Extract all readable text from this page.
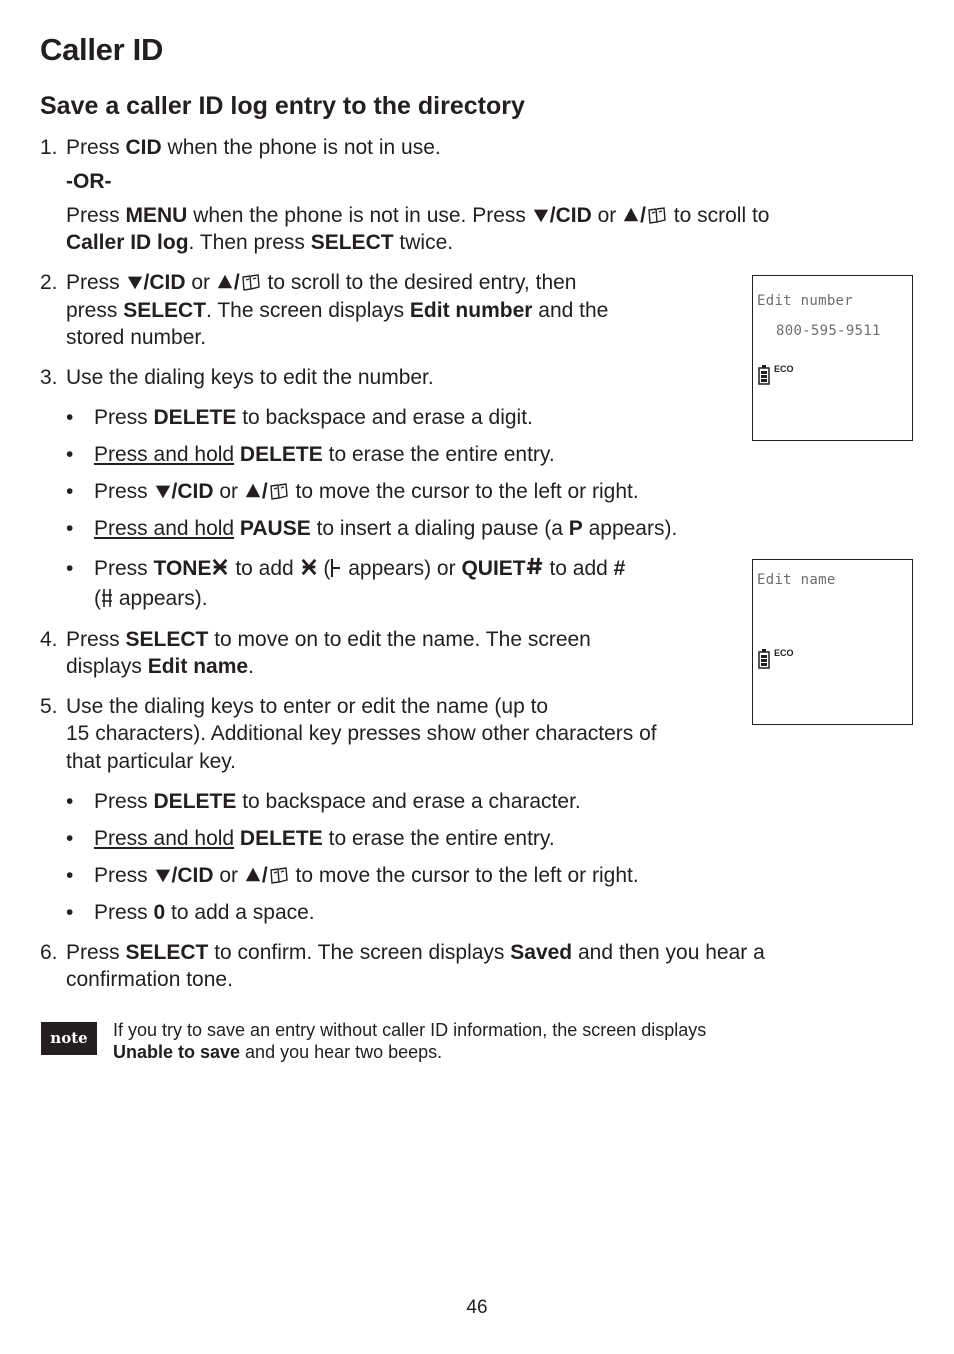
Caller ID
Save a caller ID log entry to the directory
1. Press CID when the phone is not in use.
-OR-
Press MENU when the phone is not in use. Press /CID or / to scroll to
Caller ID log. Then press SELECT twice.
2. Press /CID or / to scroll to the desired entry, then
press SELECT. The screen displays Edit number and the
stored number.
3. Use the dialing keys to edit the number.
• Press DELETE to backspace and erase a digit.
• Press and hold DELETE to erase the entire entry.
• Press /CID or / to move the cursor to the left or right.
• Press and hold PAUSE to insert a dialing pause (a P appears).
• Press TONE to add  ( appears) or QUIET to add #
( appears).
4. Press SELECT to move on to edit the name. The screen
displays Edit name.
5. Use the dialing keys to enter or edit the name (up to
15 characters). Additional key presses show other characters of
that particular key.
• Press DELETE to backspace and erase a character.
• Press and hold DELETE to erase the entire entry.
• Press /CID or / to move the cursor to the left or right.
• Press 0 to add a space.
6. Press SELECT to confirm. The screen displays Saved and then you hear a
confirmation tone.
Edit number
800-595-9511
ECO
Edit name
ECO
note	If you try to save an entry without caller ID information, the screen displays
Unable to save and you hear two beeps.
46
